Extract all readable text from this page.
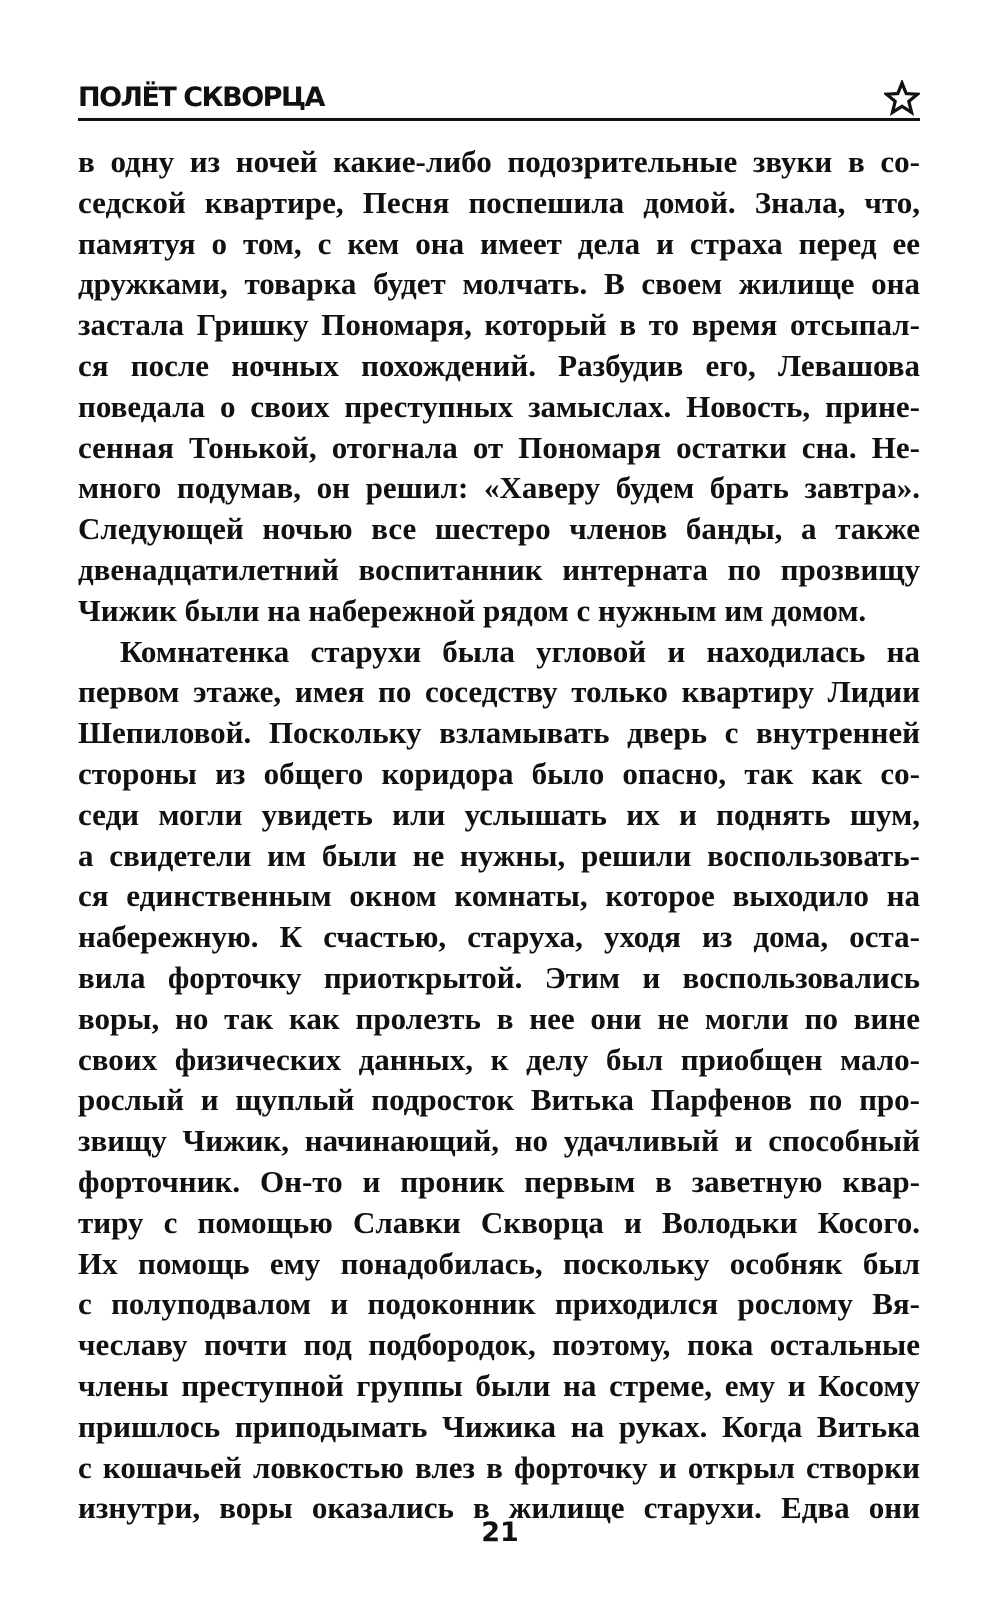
ПОЛЁТ СКВОРЦА
в одну из ночей какие-либо подозрительные звуки в со-
седской квартире, Песня поспешила домой. Знала, что,
памятуя о том, с кем она имеет дела и страха перед ее
дружками, товарка будет молчать. В своем жилище она
застала Гришку Пономаря, который в то время отсыпал-
ся после ночных похождений. Разбудив его, Левашова
поведала о своих преступных замыслах. Новость, прине-
сенная Тонькой, отогнала от Пономаря остатки сна. Не-
много подумав, он решил: «Хаверу будем брать завтра».
Следующей ночью все шестеро членов банды, а также
двенадцатилетний воспитанник интерната по прозвищу
Чижик были на набережной рядом с нужным им домом.
Комнатенка старухи была угловой и находилась на
первом этаже, имея по соседству только квартиру Лидии
Шепиловой. Поскольку взламывать дверь с внутренней
стороны из общего коридора было опасно, так как со-
седи могли увидеть или услышать их и поднять шум,
а свидетели им были не нужны, решили воспользовать-
ся единственным окном комнаты, которое выходило на
набережную. К счастью, старуха, уходя из дома, оста-
вила форточку приоткрытой. Этим и воспользовались
воры, но так как пролезть в нее они не могли по вине
своих физических данных, к делу был приобщен мало-
рослый и щуплый подросток Витька Парфенов по про-
звищу Чижик, начинающий, но удачливый и способный
форточник. Он-то и проник первым в заветную квар-
тиру с помощью Славки Скворца и Володьки Косого.
Их помощь ему понадобилась, поскольку особняк был
с полуподвалом и подоконник приходился рослому Вя-
чеславу почти под подбородок, поэтому, пока остальные
члены преступной группы были на стреме, ему и Косому
пришлось приподымать Чижика на руках. Когда Витька
с кошачьей ловкостью влез в форточку и открыл створки
изнутри, воры оказались в жилище старухи. Едва они
21
